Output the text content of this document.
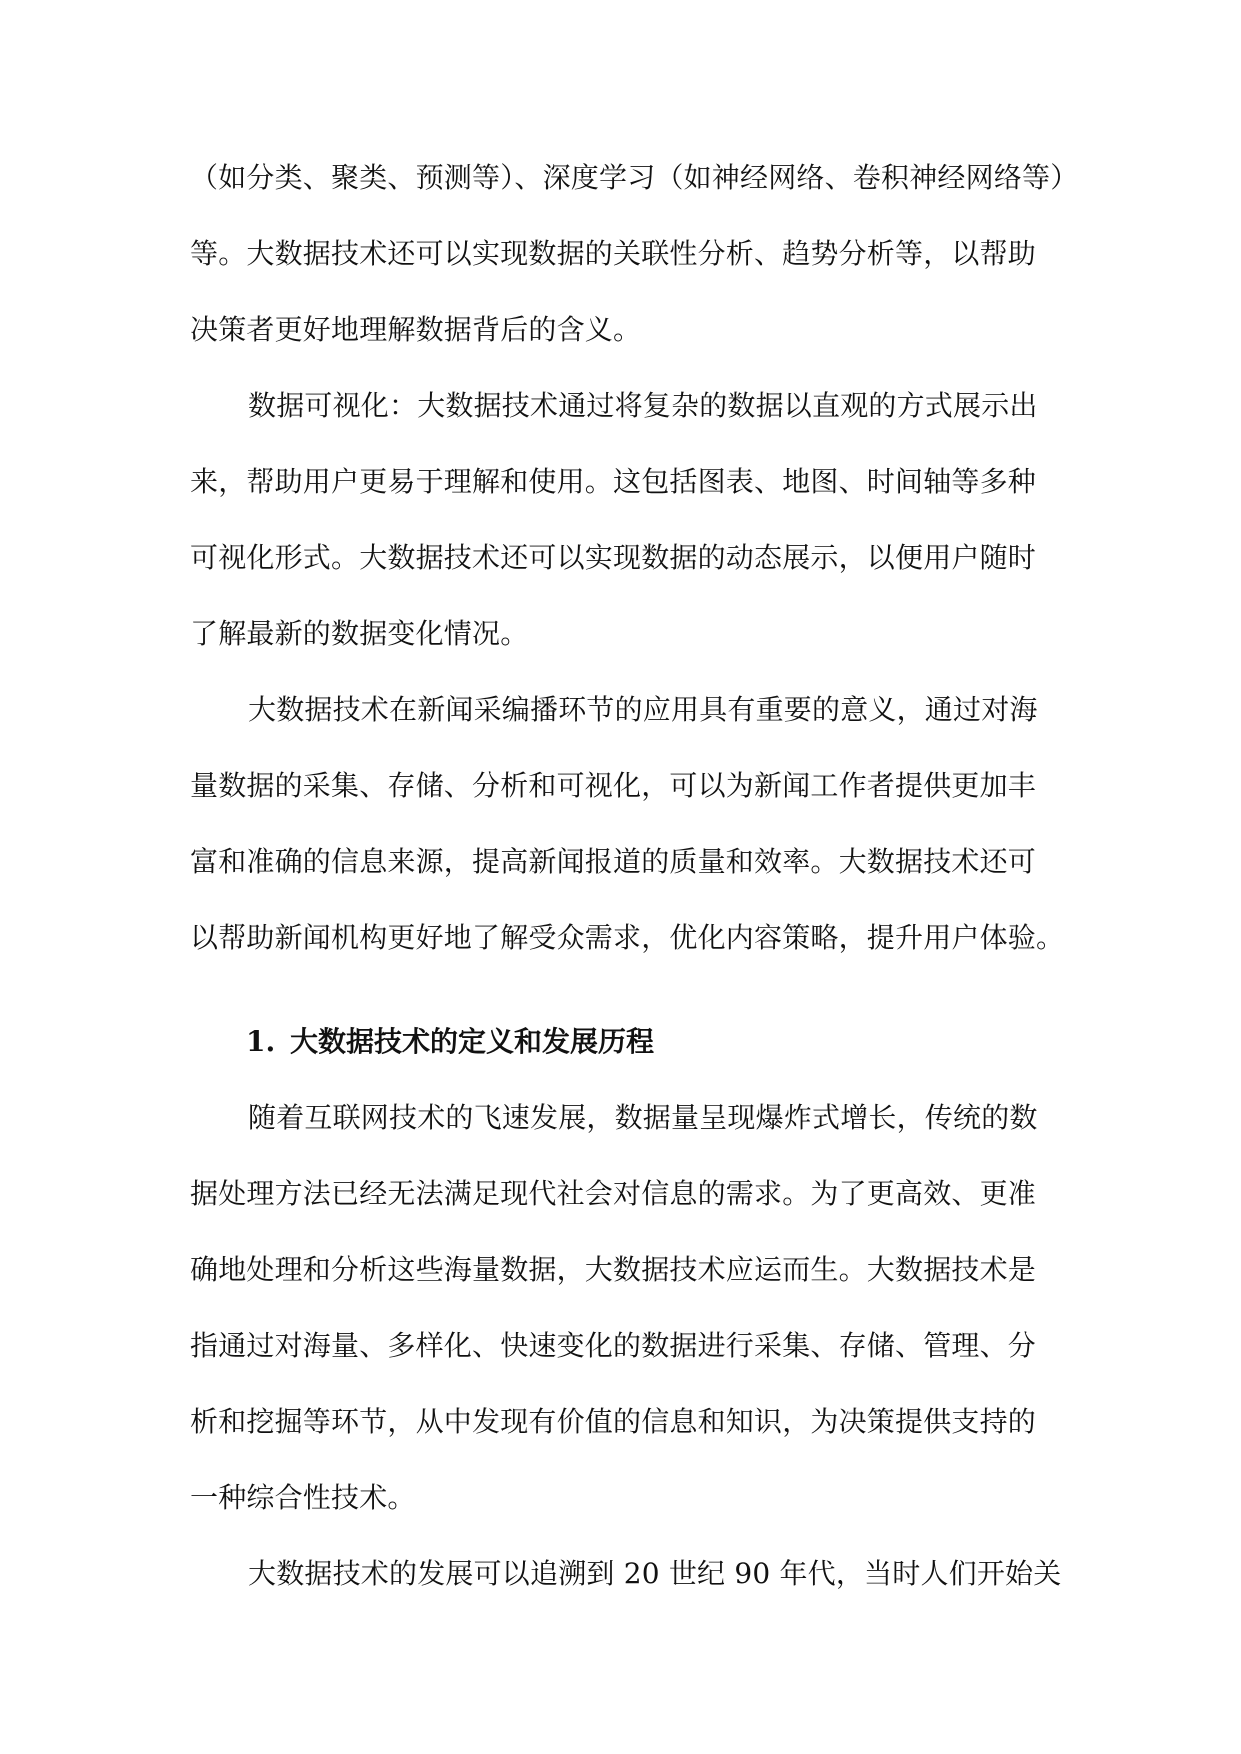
（如分类、聚类、预测等）、深度学习（如神经网络、卷积神经网络等）
等。大数据技术还可以实现数据的关联性分析、趋势分析等，以帮助
决策者更好地理解数据背后的含义。
数据可视化：大数据技术通过将复杂的数据以直观的方式展示出
来，帮助用户更易于理解和使用。这包括图表、地图、时间轴等多种
可视化形式。大数据技术还可以实现数据的动态展示，以便用户随时
了解最新的数据变化情况。
大数据技术在新闻采编播环节的应用具有重要的意义，通过对海
量数据的采集、存储、分析和可视化，可以为新闻工作者提供更加丰
富和准确的信息来源，提高新闻报道的质量和效率。大数据技术还可
以帮助新闻机构更好地了解受众需求，优化内容策略，提升用户体验。
1. 大数据技术的定义和发展历程
随着互联网技术的飞速发展，数据量呈现爆炸式增长，传统的数
据处理方法已经无法满足现代社会对信息的需求。为了更高效、更准
确地处理和分析这些海量数据，大数据技术应运而生。大数据技术是
指通过对海量、多样化、快速变化的数据进行采集、存储、管理、分
析和挖掘等环节，从中发现有价值的信息和知识，为决策提供支持的
一种综合性技术。
大数据技术的发展可以追溯到 20 世纪 90 年代，当时人们开始关
